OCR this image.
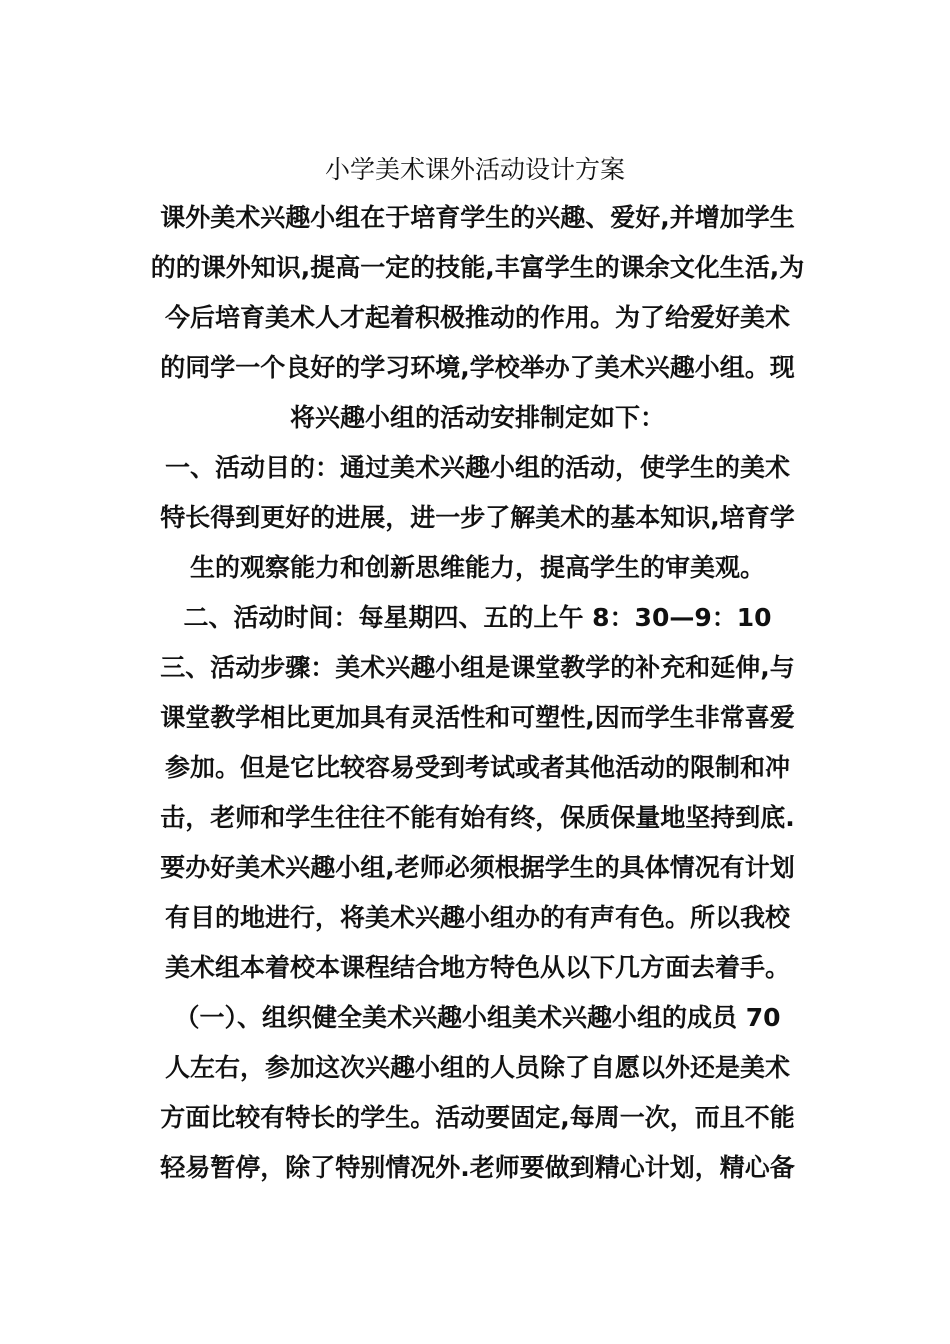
小学美术课外活动设计方案
课外美术兴趣小组在于培育学生的兴趣、爱好,并增加学生
的的课外知识,提高一定的技能,丰富学生的课余文化生活,为
今后培育美术人才起着积极推动的作用。为了给爱好美术
的同学一个良好的学习环境,学校举办了美术兴趣小组。现
将兴趣小组的活动安排制定如下：
一、活动目的：通过美术兴趣小组的活动，使学生的美术
特长得到更好的进展，进一步了解美术的基本知识,培育学
生的观察能力和创新思维能力，提高学生的审美观。
二、活动时间：每星期四、五的上午 8：30—9：10
三、活动步骤：美术兴趣小组是课堂教学的补充和延伸,与
课堂教学相比更加具有灵活性和可塑性,因而学生非常喜爱
参加。但是它比较容易受到考试或者其他活动的限制和冲
击，老师和学生往往不能有始有终，保质保量地坚持到底.
要办好美术兴趣小组,老师必须根据学生的具体情况有计划
有目的地进行，将美术兴趣小组办的有声有色。所以我校
美术组本着校本课程结合地方特色从以下几方面去着手。
（一）、组织健全美术兴趣小组美术兴趣小组的成员 70
人左右，参加这次兴趣小组的人员除了自愿以外还是美术
方面比较有特长的学生。活动要固定,每周一次，而且不能
轻易暂停，除了特别情况外.老师要做到精心计划，精心备
